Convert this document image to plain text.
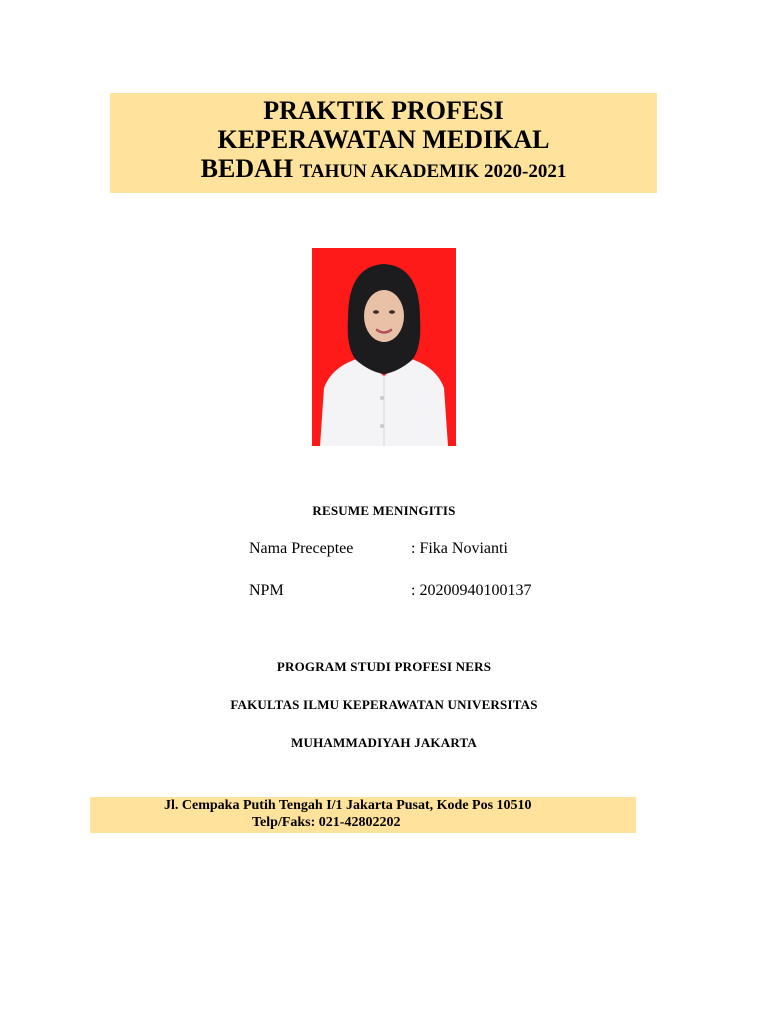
PRAKTIK PROFESI

KEPERAWATAN MEDIKAL

BEDAH TAHUN AKADEMIK 2020-2021

RESUME MENINGITIS
Nama Preceptee	: Fika Novianti
NPM	: 20200940100137
PROGRAM STUDI PROFESI NERS
FAKULTAS ILMU KEPERAWATAN UNIVERSITAS
MUHAMMADIYAH JAKARTA
Jl. Cempaka Putih Tengah I/1 Jakarta Pusat, Kode Pos 10510
Telp/Faks: 021-42802202
